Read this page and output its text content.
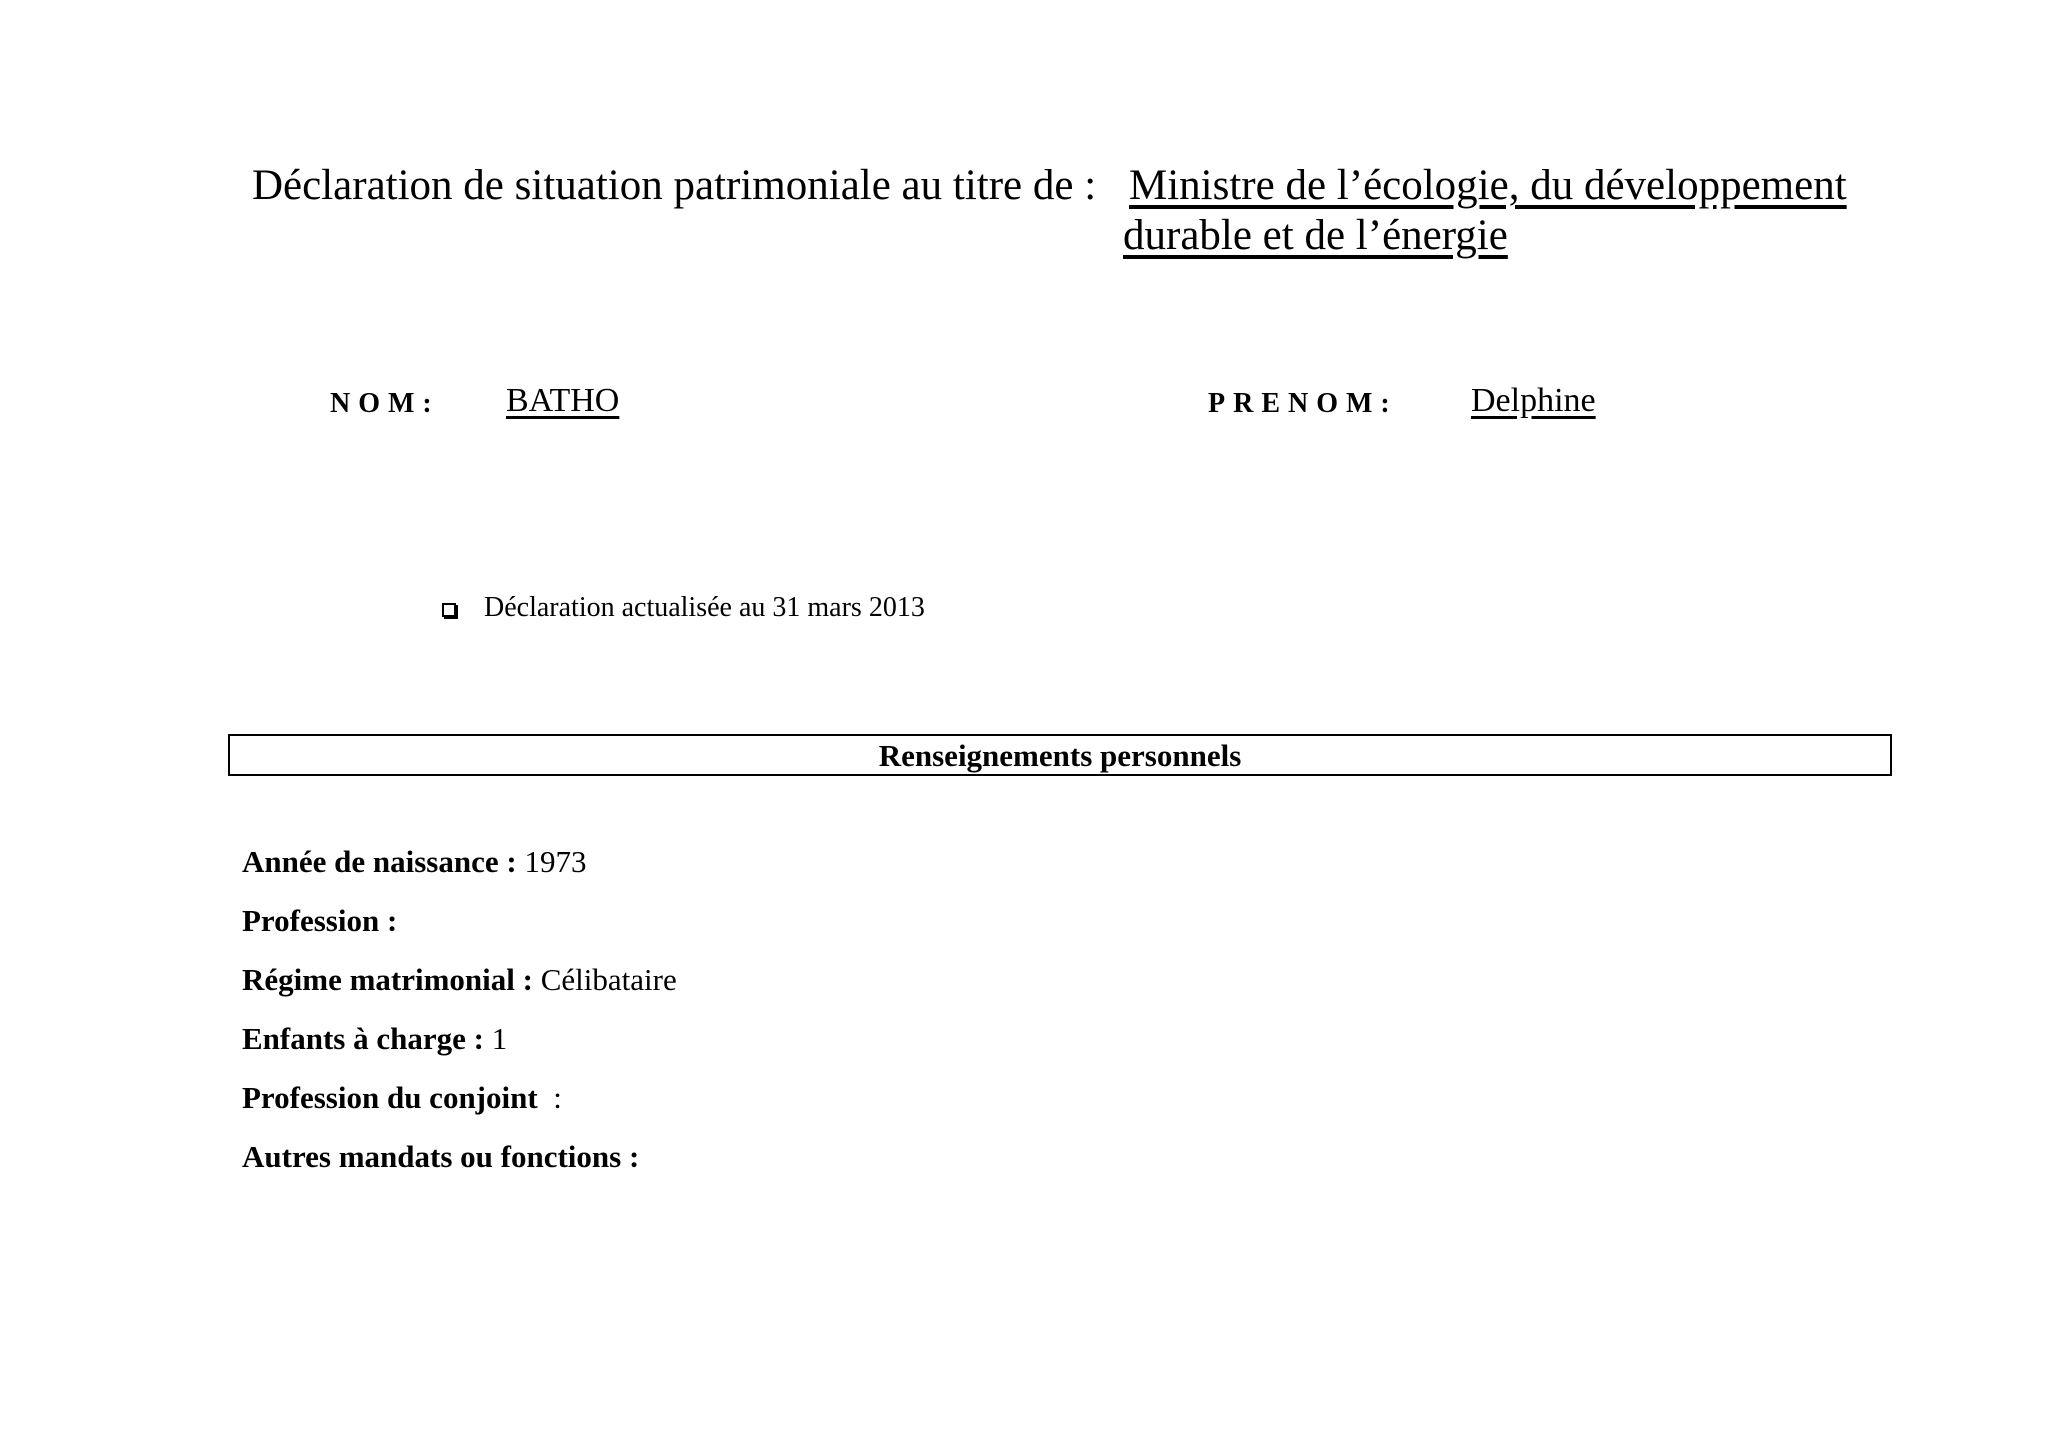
Déclaration de situation patrimoniale au titre de : Ministre de l’écologie, du développement
durable et de l’énergie
NOM: BATHO	PRENOM: Delphine
Déclaration actualisée au 31 mars 2013
Renseignements personnels
Année de naissance : 1973
Profession :
Régime matrimonial : Célibataire
Enfants à charge : 1
Profession du conjoint  :
Autres mandats ou fonctions :
